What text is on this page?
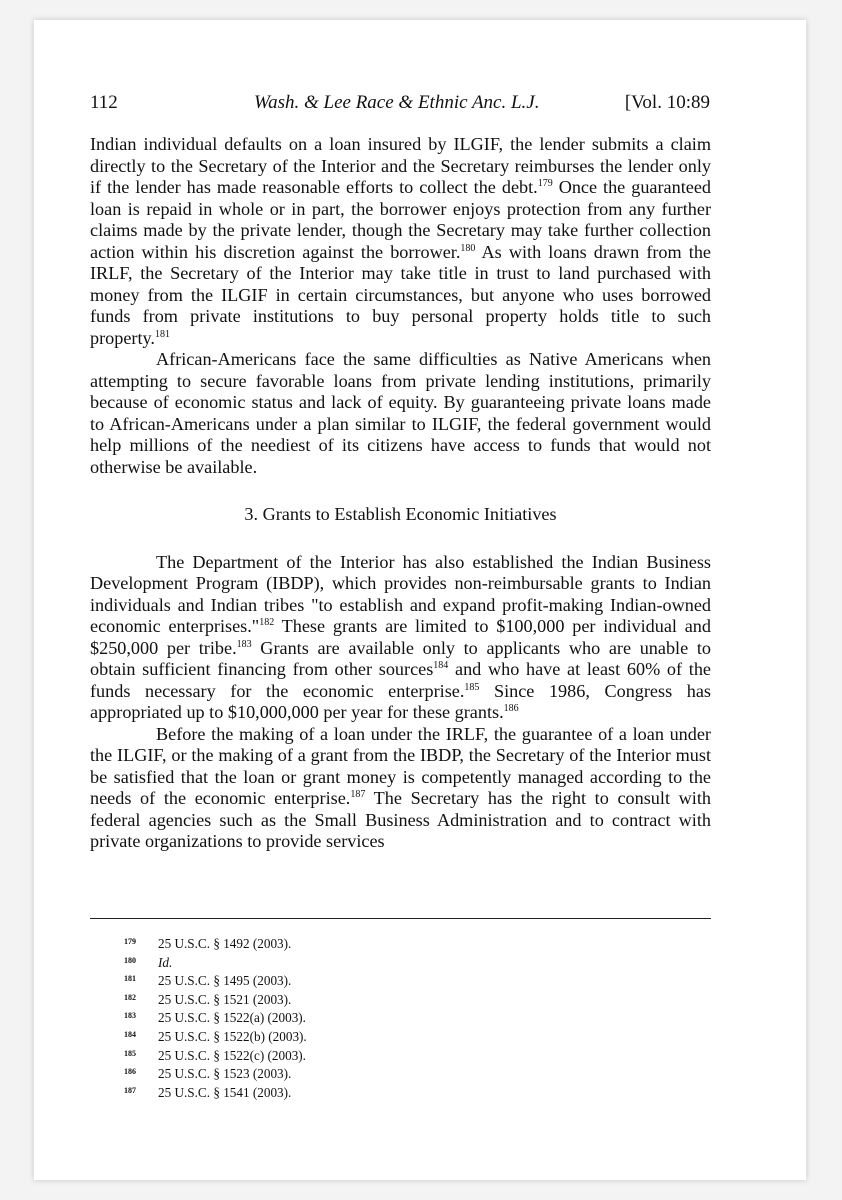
112	Wash. & Lee Race & Ethnic Anc. L.J.	[Vol. 10:89

Indian individual defaults on a loan insured by ILGIF, the lender submits a claim directly to the Secretary of the Interior and the Secretary reimburses the lender only if the lender has made reasonable efforts to collect the debt.$^{179}$ Once the guaranteed loan is repaid in whole or in part, the borrower enjoys protection from any further claims made by the private lender, though the Secretary may take further collection action within his discretion against the borrower.$^{180}$ As with loans drawn from the IRLF, the Secretary of the Interior may take title in trust to land purchased with money from the ILGIF in certain circumstances, but anyone who uses borrowed funds from private institutions to buy personal property holds title to such property.$^{181}$

African-Americans face the same difficulties as Native Americans when attempting to secure favorable loans from private lending institutions, primarily because of economic status and lack of equity. By guaranteeing private loans made to African-Americans under a plan similar to ILGIF, the federal government would help millions of the neediest of its citizens have access to funds that would not otherwise be available.

3. Grants to Establish Economic Initiatives

The Department of the Interior has also established the Indian Business Development Program (IBDP), which provides non-reimbursable grants to Indian individuals and Indian tribes "to establish and expand profit-making Indian-owned economic enterprises."$^{182}$ These grants are limited to $100,000 per individual and $250,000 per tribe.$^{183}$ Grants are available only to applicants who are unable to obtain sufficient financing from other sources$^{184}$ and who have at least 60% of the funds necessary for the economic enterprise.$^{185}$ Since 1986, Congress has appropriated up to $10,000,000 per year for these grants.$^{186}$

Before the making of a loan under the IRLF, the guarantee of a loan under the ILGIF, or the making of a grant from the IBDP, the Secretary of the Interior must be satisfied that the loan or grant money is competently managed according to the needs of the economic enterprise.$^{187}$ The Secretary has the right to consult with federal agencies such as the Small Business Administration and to contract with private organizations to provide services

179 25 U.S.C. § 1492 (2003).
180 Id.
181 25 U.S.C. § 1495 (2003).
182 25 U.S.C. § 1521 (2003).
183 25 U.S.C. § 1522(a) (2003).
184 25 U.S.C. § 1522(b) (2003).
185 25 U.S.C. § 1522(c) (2003).
186 25 U.S.C. § 1523 (2003).
187 25 U.S.C. § 1541 (2003).
